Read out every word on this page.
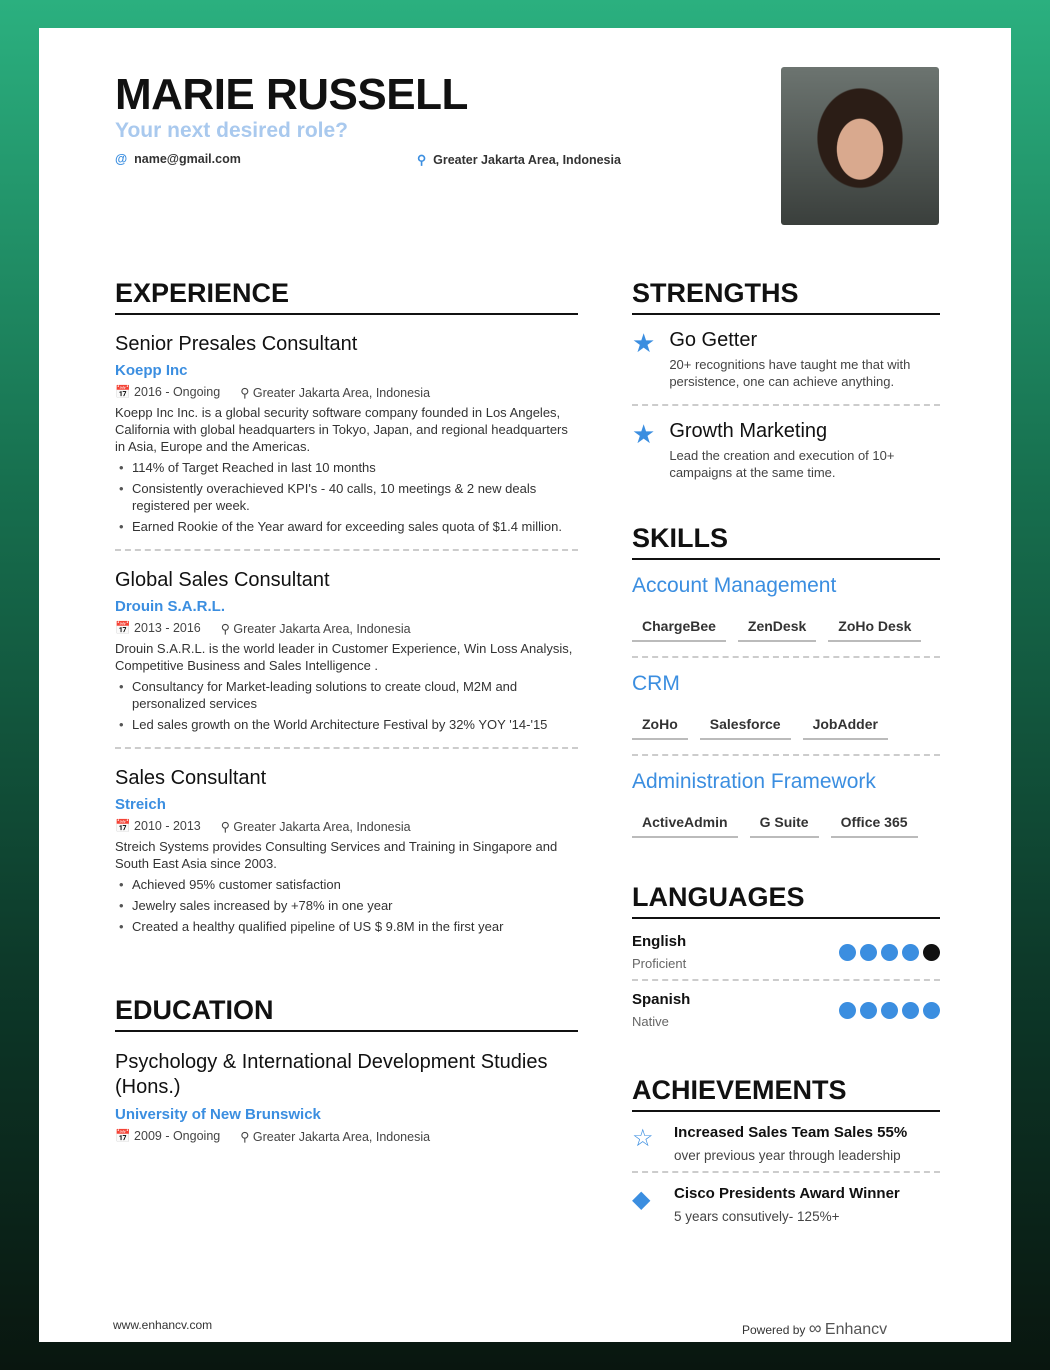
MARIE RUSSELL
Your next desired role?
@ name@gmail.com	⚲ Greater Jakarta Area, Indonesia
EXPERIENCE
Senior Presales Consultant
Koepp Inc
📅 2016 - Ongoing ⚲ Greater Jakarta Area, Indonesia
Koepp Inc Inc. is a global security software company founded in Los Angeles, California with global headquarters in Tokyo, Japan, and regional headquarters in Asia, Europe and the Americas.
• 114% of Target Reached in last 10 months
• Consistently overachieved KPI's - 40 calls, 10 meetings & 2 new deals registered per week.
• Earned Rookie of the Year award for exceeding sales quota of $1.4 million.
Global Sales Consultant
Drouin S.A.R.L.
📅 2013 - 2016 ⚲ Greater Jakarta Area, Indonesia
Drouin S.A.R.L. is the world leader in Customer Experience, Win Loss Analysis, Competitive Business and Sales Intelligence .
• Consultancy for Market-leading solutions to create cloud, M2M and personalized services
• Led sales growth on the World Architecture Festival by 32% YOY '14-'15
Sales Consultant
Streich
📅 2010 - 2013 ⚲ Greater Jakarta Area, Indonesia
Streich Systems provides Consulting Services and Training in Singapore and South East Asia since 2003.
• Achieved 95% customer satisfaction
• Jewelry sales increased by +78% in one year
• Created a healthy qualified pipeline of US $ 9.8M in the first year
EDUCATION
Psychology & International Development Studies (Hons.)
University of New Brunswick
📅 2009 - Ongoing ⚲ Greater Jakarta Area, Indonesia
STRENGTHS
★ Go Getter

20+ recognitions have taught me that with persistence, one can achieve anything.

★ Growth Marketing

Lead the creation and execution of 10+ campaigns at the same time.

SKILLS
Account Management
ChargeBee	ZenDesk	ZoHo Desk
CRM
ZoHo	Salesforce	JobAdder
Administration Framework
ActiveAdmin	G Suite	Office 365
LANGUAGES
English
Proficient
Spanish
Native
ACHIEVEMENTS
☆	Increased Sales Team Sales 55%

over previous year through leadership

◆	Cisco Presidents Award Winner

5 years consutively- 125%+

www.enhancv.com	Powered by ∞ Enhancv
